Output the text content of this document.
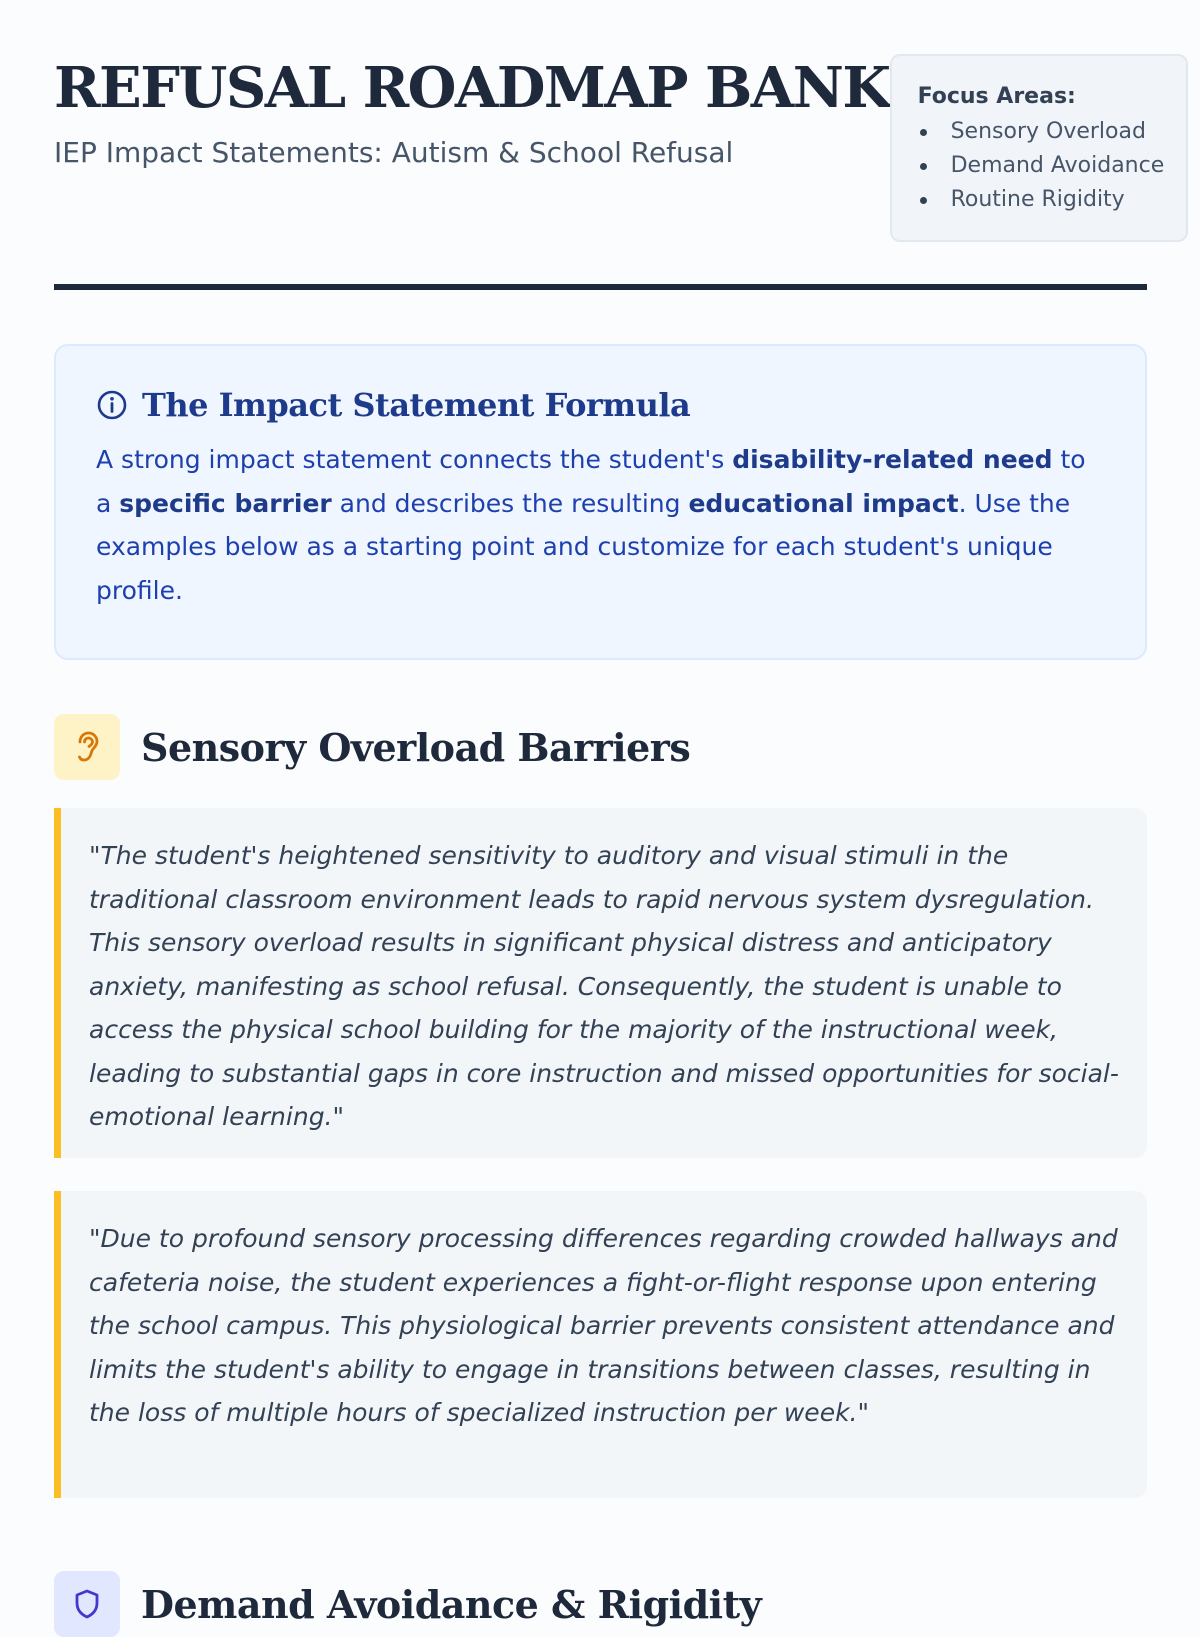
REFUSAL ROADMAP BANK
IEP Impact Statements: Autism & School Refusal
Focus Areas:
Sensory Overload
Demand Avoidance
Routine Rigidity
The Impact Statement Formula

A strong impact statement connects the student's disability-related need to a specific barrier and describes the resulting educational impact. Use the examples below as a starting point and customize for each student's unique profile.

Sensory Overload Barriers

"The student's heightened sensitivity to auditory and visual stimuli in the traditional classroom environment leads to rapid nervous system dysregulation. This sensory overload results in significant physical distress and anticipatory anxiety, manifesting as school refusal. Consequently, the student is unable to access the physical school building for the majority of the instructional week, leading to substantial gaps in core instruction and missed opportunities for social-emotional learning."

"Due to profound sensory processing differences regarding crowded hallways and cafeteria noise, the student experiences a fight-or-flight response upon entering the school campus. This physiological barrier prevents consistent attendance and limits the student's ability to engage in transitions between classes, resulting in the loss of multiple hours of specialized instruction per week."

Demand Avoidance & Rigidity
